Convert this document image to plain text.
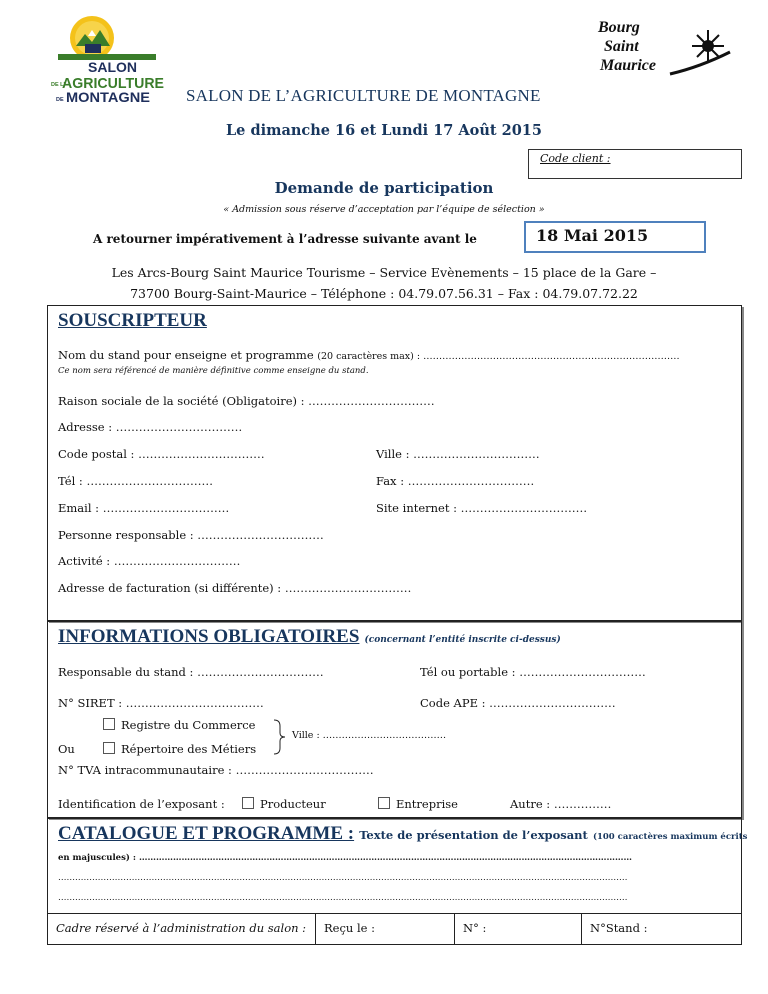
SALON
DE L'
AGRICULTURE
DE MONTAGNE
Bourg
Saint
Maurice
SALON DE L’AGRICULTURE DE MONTAGNE
Le dimanche 16 et Lundi 17 Août 2015
Code client :
Demande de participation
« Admission sous réserve d’acceptation par l’équipe de sélection »
A retourner impérativement à l’adresse suivante avant le	18 Mai 2015
Les Arcs-Bourg Saint Maurice Tourisme – Service Evènements – 15 place de la Gare –
73700 Bourg-Saint-Maurice – Téléphone : 04.79.07.56.31 – Fax : 04.79.07.72.22
SOUSCRIPTEUR
Nom du stand pour enseigne et programme (20 caractères max) : ………………………………………………………………………
Ce nom sera référencé de manière définitive comme enseigne du stand.
Raison sociale de la société (Obligatoire) : ……………………………
Adresse : ……………………………
Code postal : ……………………………	Ville : ……………………………
Tél : ……………………………	Fax : ……………………………
Email : ……………………………	Site internet : ……………………………
Personne responsable : ……………………………
Activité : ……………………………
Adresse de facturation (si différente) : ……………………………
INFORMATIONS OBLIGATOIRES (concernant l’entité inscrite ci-dessus)
Responsable du stand : ……………………………	Tél ou portable : ……………………………
N° SIRET : ………………………………	Code APE : ……………………………
Registre du Commerce
Ou	Répertoire des Métiers
Ville : …………………………………
N° TVA intracommunautaire : ………………………………
Identification de l’exposant :	Producteur	Entreprise	Autre : ……………
CATALOGUE ET PROGRAMME : Texte de présentation de l’exposant (100 caractères maximum écrits
en majuscules) : …………………………………………………………………………………………………………………………………………………………
…………………………………………………………………………………………………………………………………………………………………………………
…………………………………………………………………………………………………………………………………………………………………………………
Cadre réservé à l’administration du salon :	Reçu le :	N° :	N°Stand :
